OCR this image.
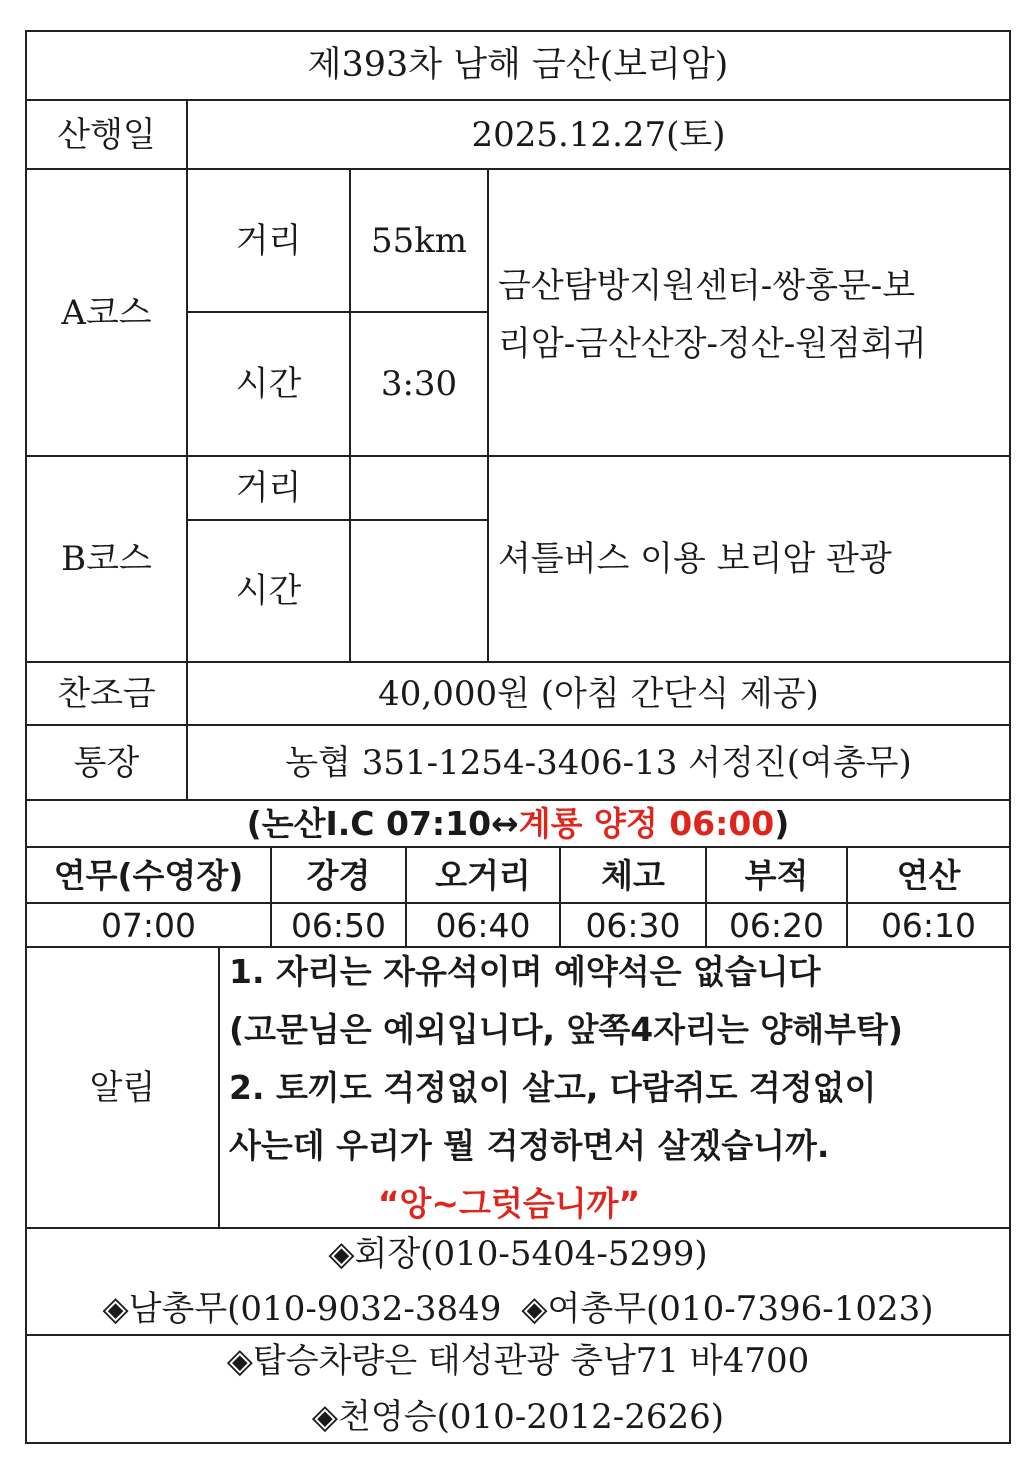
제393차 남해 금산(보리암)
산행일	2025.12.27(토)
A코스
거리	55km
시간	3:30
금산탐방지원센터-쌍홍문-보
리암-금산산장-정산-원점회귀
B코스
거리
시간
셔틀버스 이용 보리암 관광
찬조금	40,000원 (아침 간단식 제공)
통장	농협 351-1254-3406-13 서정진(여총무)
( 논산I.C 07:10↔ 계룡 양정 06:00 )
연무(수영장)	강경	오거리	체고	부적	연산
07:00	06:50	06:40	06:30	06:20	06:10
알림
1. 자리는 자유석이며 예약석은 없습니다
(고문님은 예외입니다, 앞쪽4자리는 양해부탁)
2. 토끼도 걱정없이 살고, 다람쥐도 걱정없이
사는데 우리가 뭘 걱정하면서 살겠습니까.
“앙~그럿슴니까”
◈회장(010-5404-5299)
◈남총무(010-9032-3849 ◈여총무(010-7396-1023)
◈탑승차량은 태성관광 충남71 바4700
◈천영승(010-2012-2626)
